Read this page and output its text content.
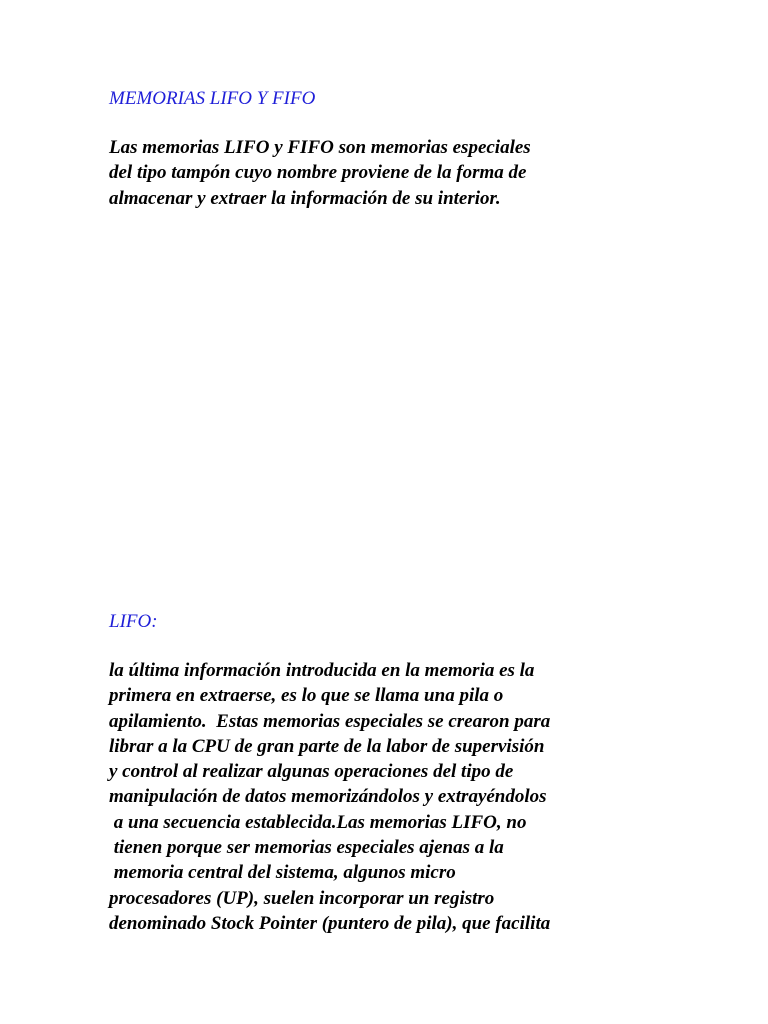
MEMORIAS LIFO Y FIFO

Las memorias LIFO y FIFO son memorias especiales
del tipo tampón cuyo nombre proviene de la forma de
almacenar y extraer la información de su interior.

LIFO:

la última información introducida en la memoria es la
primera en extraerse, es lo que se llama una pila o
apilamiento.  Estas memorias especiales se crearon para
librar a la CPU de gran parte de la labor de supervisión
y control al realizar algunas operaciones del tipo de
manipulación de datos memorizándolos y extrayéndolos
a una secuencia establecida.Las memorias LIFO, no
tienen porque ser memorias especiales ajenas a la
memoria central del sistema, algunos micro
procesadores (UP), suelen incorporar un registro
denominado Stock Pointer (puntero de pila), que facilita
